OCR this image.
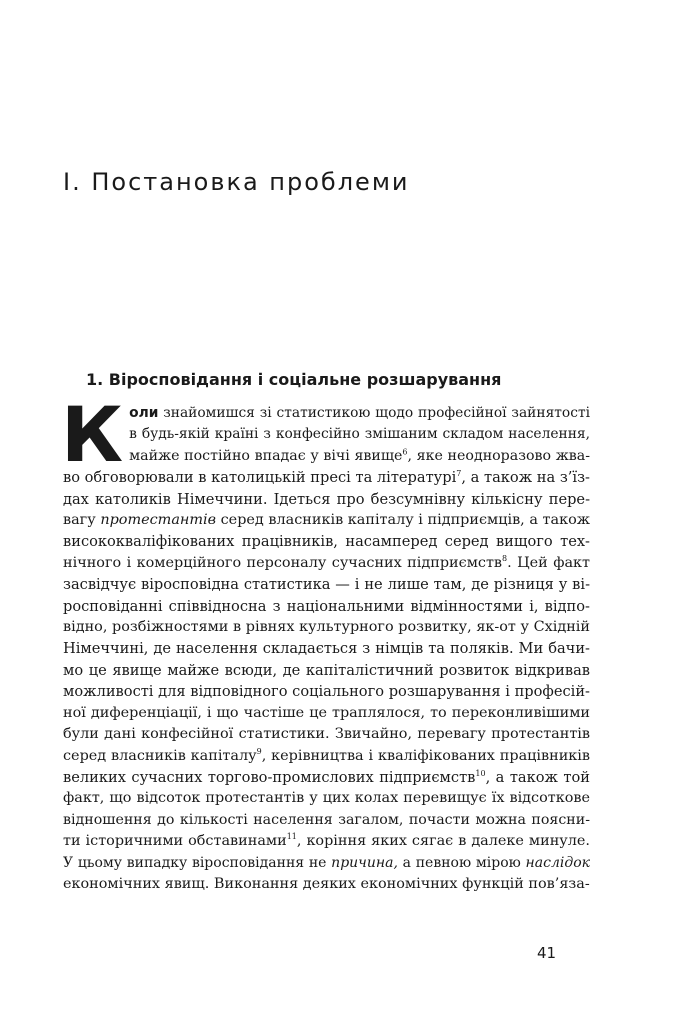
I. Постановка проблеми
1. Віросповідання і соціальне розшарування
К оли знайомишся зі статистикою щодо професійної зайнятості
в будь-якій країні з конфесійно змішаним складом населення,
майже постійно впадає у вічі явище$^6$, яке неодноразово жва-
во обговорювали в католицькій пресі та літературі$^7$, а також на з’їз-
дах католиків Німеччини. Ідеться про безсумнівну кількісну пере-
вагу протестантів серед власників капіталу і підприємців, а також
висококваліфікованих працівників, насамперед серед вищого тех-
нічного і комерційного персоналу сучасних підприємств$^8$. Цей факт
засвідчує віросповідна статистика — і не лише там, де різниця у ві-
росповіданні співвідносна з національними відмінностями і, відпо-
відно, розбіжностями в рівнях культурного розвитку, як-от у Східній
Німеччині, де населення складається з німців та поляків. Ми бачи-
мо це явище майже всюди, де капіталістичний розвиток відкривав
можливості для відповідного соціального розшарування і професій-
ної диференціації, і що частіше це траплялося, то переконливішими
були дані конфесійної статистики. Звичайно, перевагу протестантів
серед власників капіталу$^9$, керівництва і кваліфікованих працівників
великих сучасних торгово-промислових підприємств$^{10}$, а також той
факт, що відсоток протестантів у цих колах перевищує їх відсоткове
відношення до кількості населення загалом, почасти можна поясни-
ти історичними обставинами$^{11}$, коріння яких сягає в далеке минуле.
У цьому випадку віросповідання не причина, а певною мірою наслідок
економічних явищ. Виконання деяких економічних функцій пов’яза-
41
